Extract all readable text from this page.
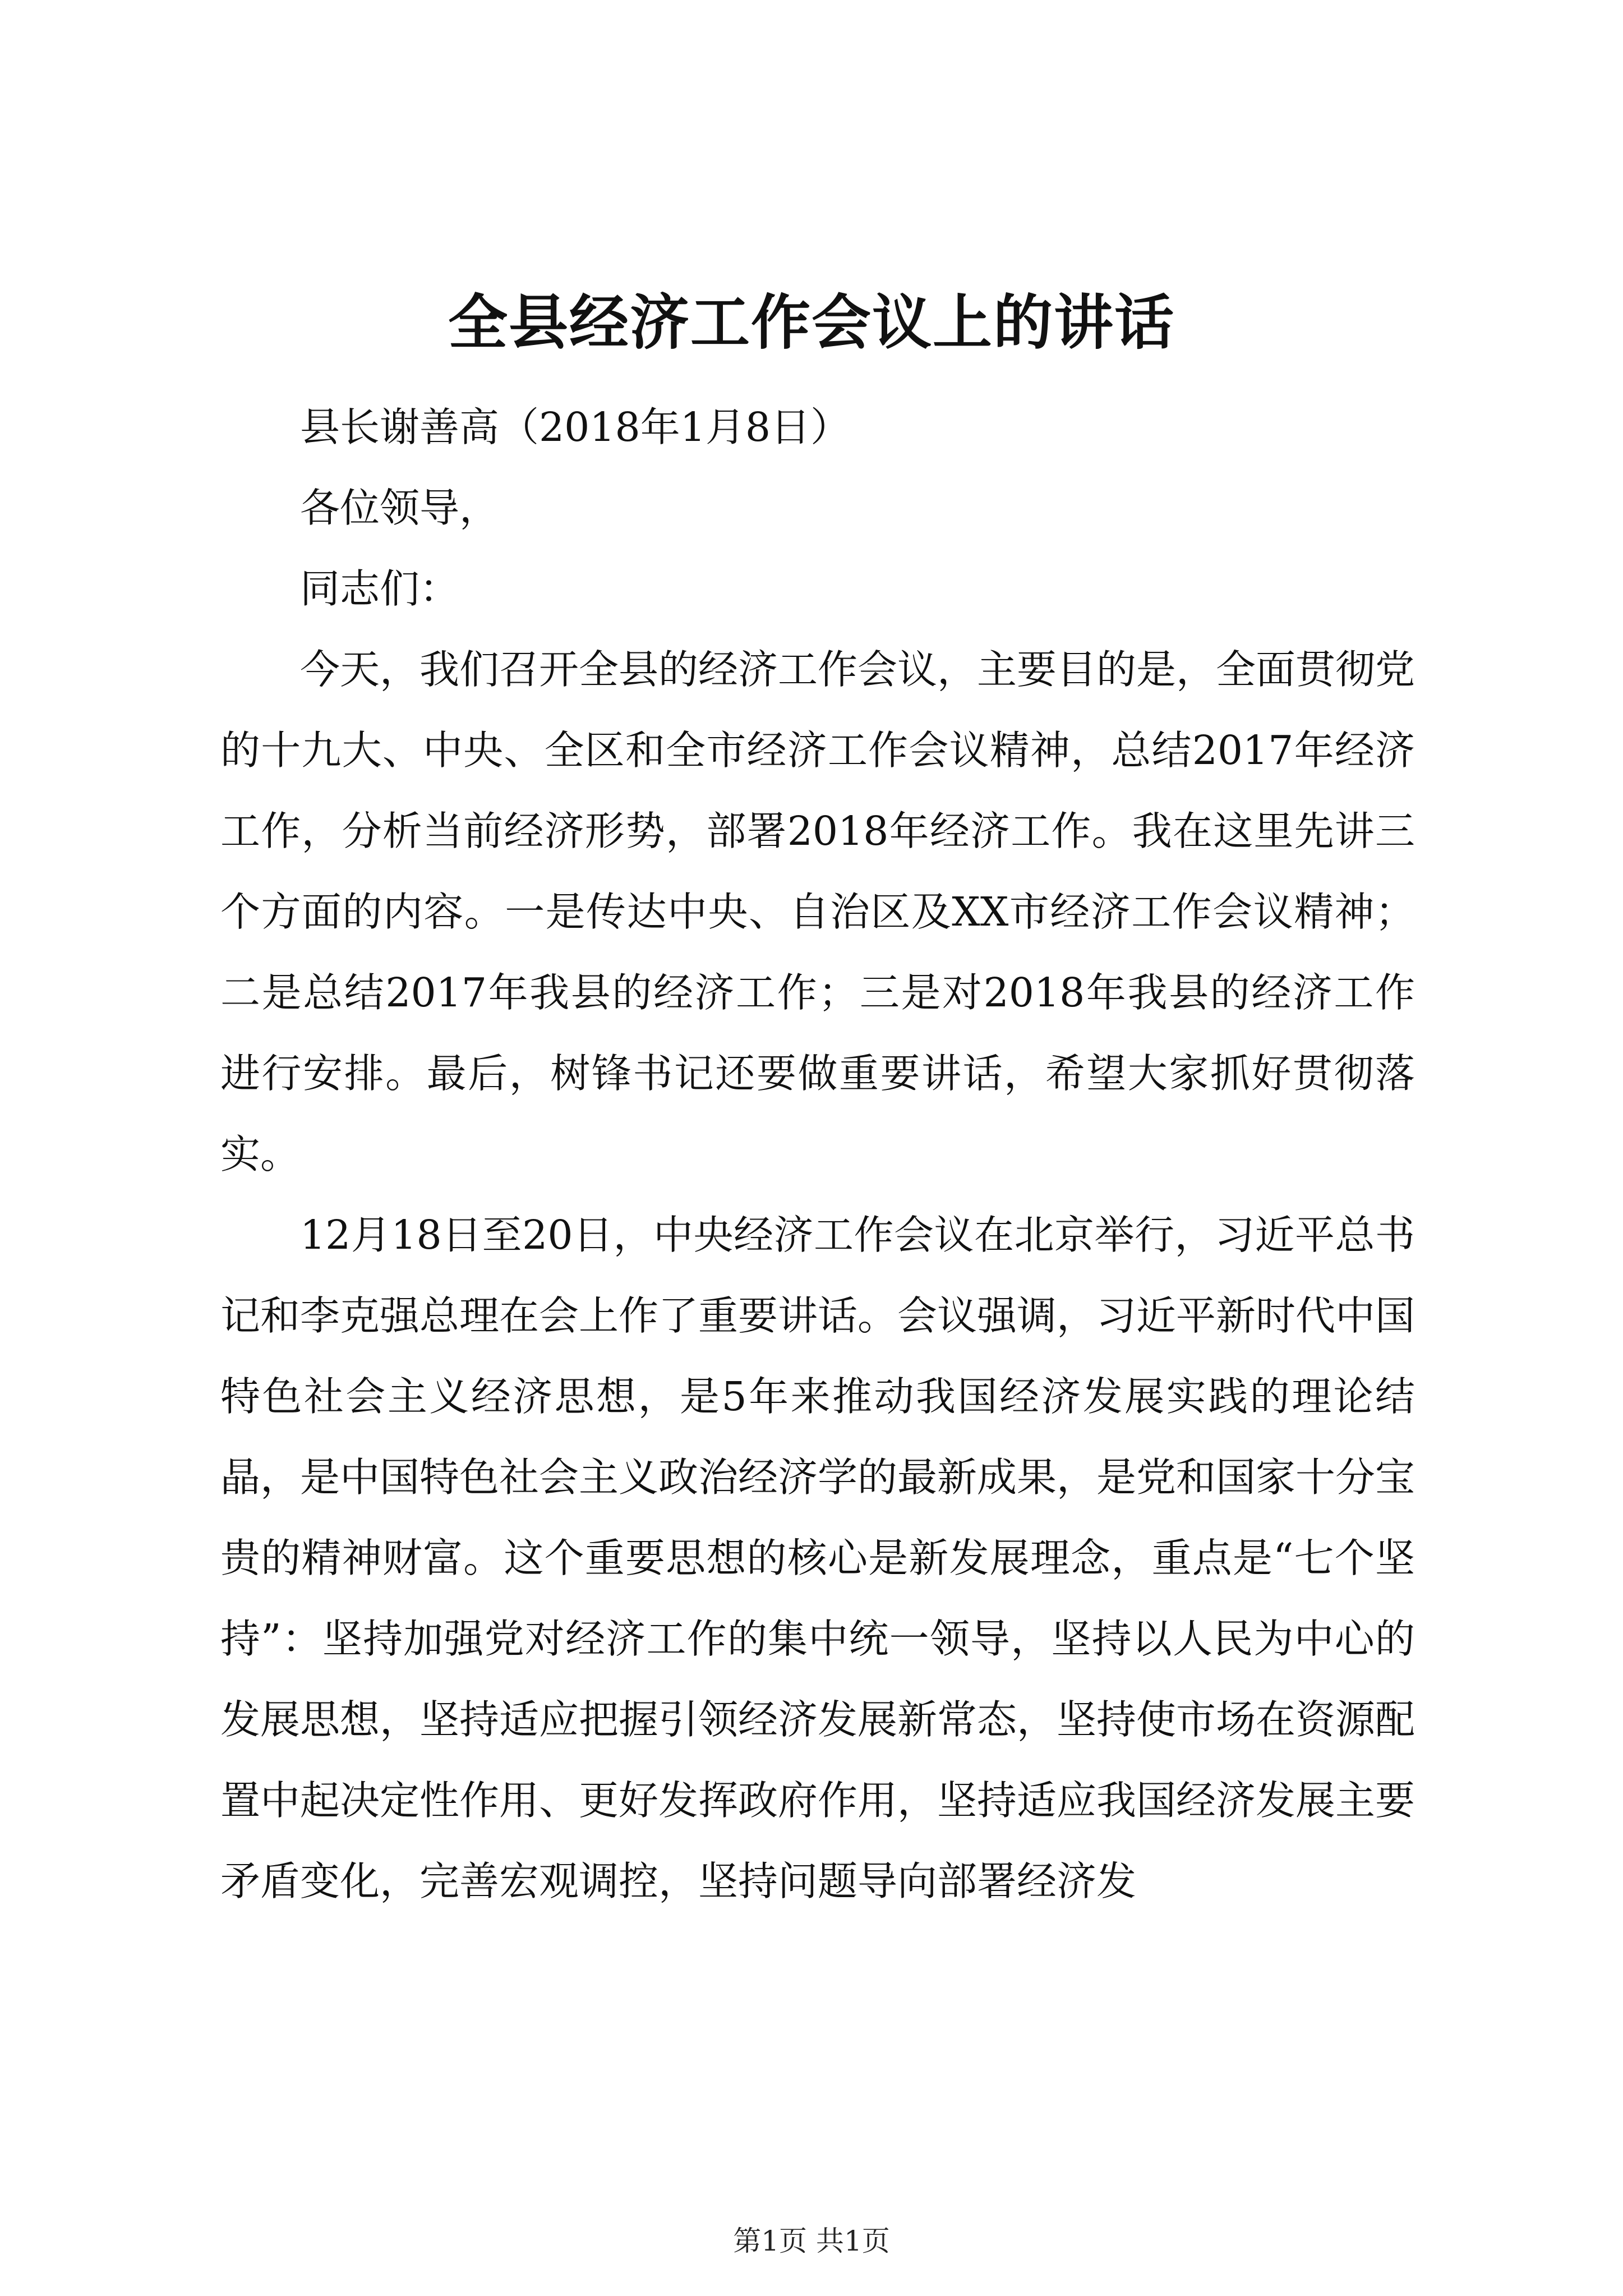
全县经济工作会议上的讲话

县长谢善高（2018年1月8日）

各位领导，

同志们：

今天，我们召开全县的经济工作会议，主要目的是，全面贯彻党的十九大、中央、全区和全市经济工作会议精神，总结2017年经济工作，分析当前经济形势，部署2018年经济工作。我在这里先讲三个方面的内容。一是传达中央、自治区及XX市经济工作会议精神；二是总结2017年我县的经济工作；三是对2018年我县的经济工作进行安排。最后，树锋书记还要做重要讲话，希望大家抓好贯彻落实。

12月18日至20日，中央经济工作会议在北京举行，习近平总书记和李克强总理在会上作了重要讲话。会议强调，习近平新时代中国特色社会主义经济思想，是5年来推动我国经济发展实践的理论结晶，是中国特色社会主义政治经济学的最新成果，是党和国家十分宝贵的精神财富。这个重要思想的核心是新发展理念，重点是“七个坚持”：坚持加强党对经济工作的集中统一领导，坚持以人民为中心的发展思想，坚持适应把握引领经济发展新常态，坚持使市场在资源配置中起决定性作用、更好发挥政府作用，坚持适应我国经济发展主要矛盾变化，完善宏观调控，坚持问题导向部署经济发

第1页 共1页
